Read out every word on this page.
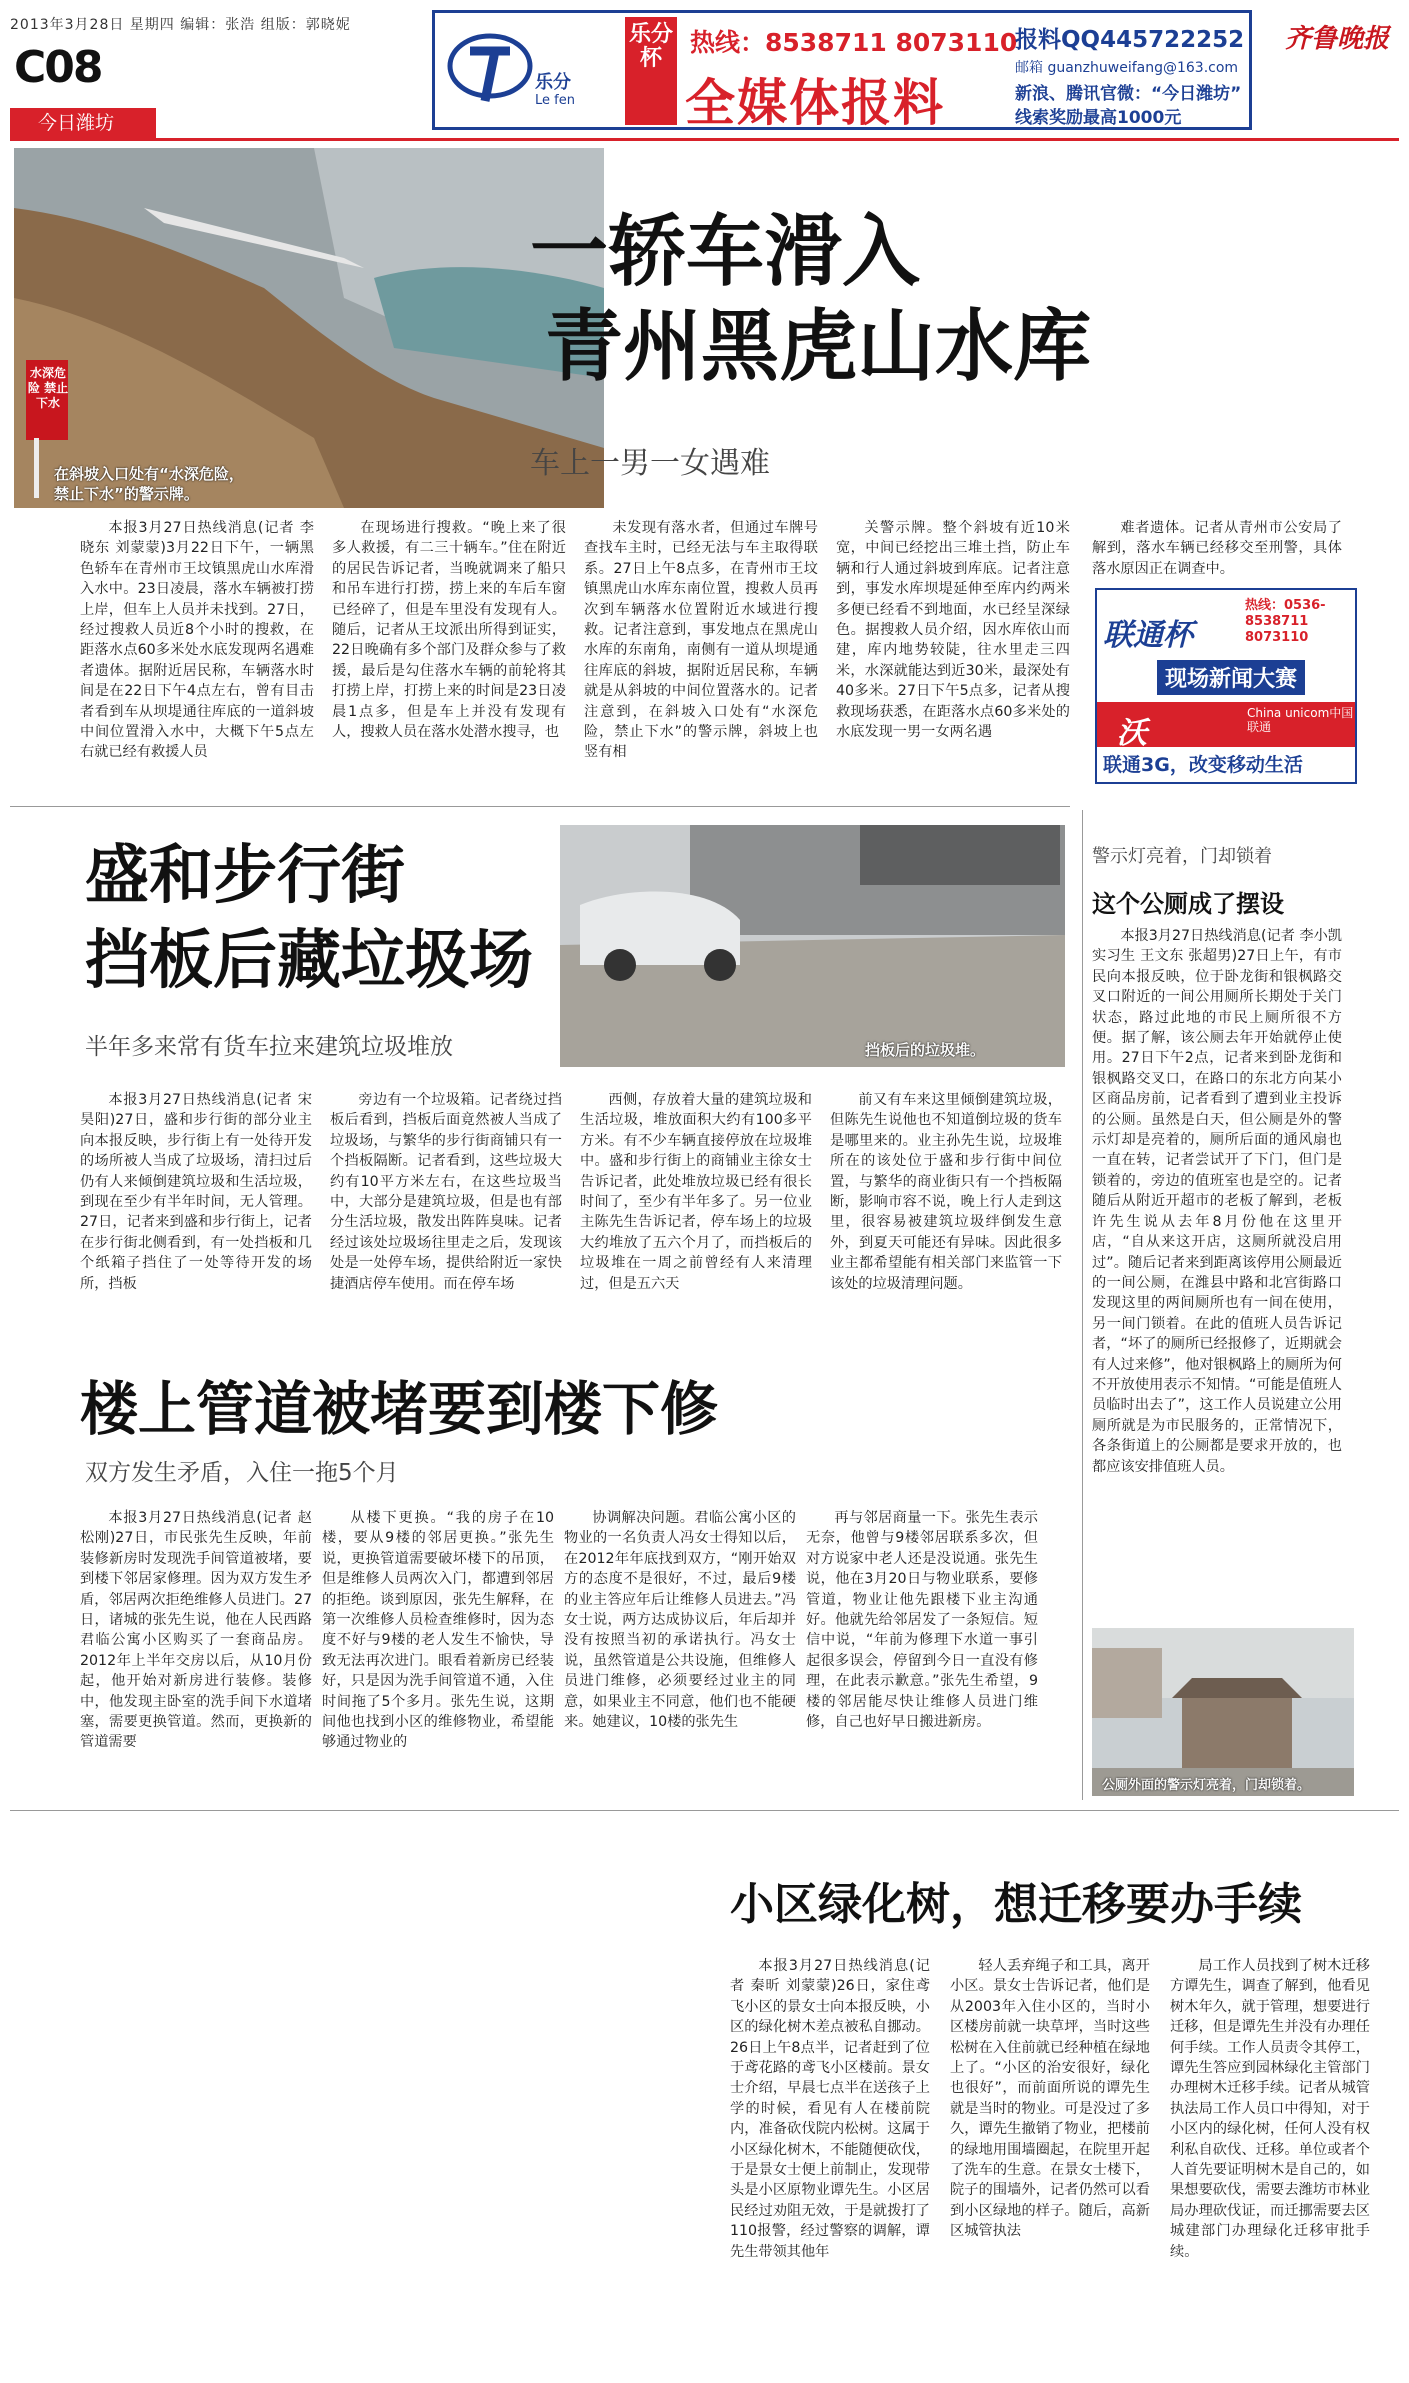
2013年3月28日 星期四 编辑：张浩 组版：郭晓妮
C08
今日潍坊
齐鲁晚报
乐分
Le fen
乐分杯
热线：8538711 8073110
全媒体报料
报料QQ445722252
邮箱 guanzhuweifang@163.com
新浪、腾讯官微：“今日潍坊”
线索奖励最高1000元
水深危险 禁止下水
在斜坡入口处有“水深危险，禁止下水”的警示牌。
一轿车滑入
青州黑虎山水库
车上一男一女遇难
本报3月27日热线消息(记者 李晓东 刘蒙蒙)3月22日下午，一辆黑色轿车在青州市王坟镇黑虎山水库滑入水中。23日凌晨，落水车辆被打捞上岸，但车上人员并未找到。27日，经过搜救人员近8个小时的搜救，在距落水点60多米处水底发现两名遇难者遗体。据附近居民称，车辆落水时间是在22日下午4点左右，曾有目击者看到车从坝堤通往库底的一道斜坡中间位置滑入水中，大概下午5点左右就已经有救援人员
在现场进行搜救。“晚上来了很多人救援，有二三十辆车。”住在附近的居民告诉记者，当晚就调来了船只和吊车进行打捞，捞上来的车后车窗已经碎了，但是车里没有发现有人。随后，记者从王坟派出所得到证实，22日晚确有多个部门及群众参与了救援，最后是勾住落水车辆的前轮将其打捞上岸，打捞上来的时间是23日凌晨1点多，但是车上并没有发现有人，搜救人员在落水处潜水搜寻，也
未发现有落水者，但通过车牌号查找车主时，已经无法与车主取得联系。27日上午8点多，在青州市王坟镇黑虎山水库东南位置，搜救人员再次到车辆落水位置附近水域进行搜救。记者注意到，事发地点在黑虎山水库的东南角，南侧有一道从坝堤通往库底的斜坡，据附近居民称，车辆就是从斜坡的中间位置落水的。记者注意到，在斜坡入口处有“水深危险，禁止下水”的警示牌，斜坡上也竖有相
关警示牌。整个斜坡有近10米宽，中间已经挖出三堆土挡，防止车辆和行人通过斜坡到库底。记者注意到，事发水库坝堤延伸至库内约两米多便已经看不到地面，水已经呈深绿色。据搜救人员介绍，因水库依山而建，库内地势较陡，往水里走三四米，水深就能达到近30米，最深处有40多米。27日下午5点多，记者从搜救现场获悉，在距落水点60多米处的水底发现一男一女两名遇
难者遗体。记者从青州市公安局了解到，落水车辆已经移交至刑警，具体落水原因正在调查中。
联通杯
热线：0536-
8538711
8073110
现场新闻大赛
沃
China unicom中国联通
联通3G，改变移动生活
盛和步行街
挡板后藏垃圾场
半年多来常有货车拉来建筑垃圾堆放	挡板后的垃圾堆。
本报3月27日热线消息(记者 宋昊阳)27日，盛和步行街的部分业主向本报反映，步行街上有一处待开发的场所被人当成了垃圾场，清扫过后仍有人来倾倒建筑垃圾和生活垃圾，到现在至少有半年时间，无人管理。27日，记者来到盛和步行街上，记者在步行街北侧看到，有一处挡板和几个纸箱子挡住了一处等待开发的场所，挡板
旁边有一个垃圾箱。记者绕过挡板后看到，挡板后面竟然被人当成了垃圾场，与繁华的步行街商铺只有一个挡板隔断。记者看到，这些垃圾大约有10平方米左右，在这些垃圾当中，大部分是建筑垃圾，但是也有部分生活垃圾，散发出阵阵臭味。记者经过该处垃圾场往里走之后，发现该处是一处停车场，提供给附近一家快捷酒店停车使用。而在停车场
西侧，存放着大量的建筑垃圾和生活垃圾，堆放面积大约有100多平方米。有不少车辆直接停放在垃圾堆中。盛和步行街上的商铺业主徐女士告诉记者，此处堆放垃圾已经有很长时间了，至少有半年多了。另一位业主陈先生告诉记者，停车场上的垃圾大约堆放了五六个月了，而挡板后的垃圾堆在一周之前曾经有人来清理过，但是五六天
前又有车来这里倾倒建筑垃圾，但陈先生说他也不知道倒垃圾的货车是哪里来的。业主孙先生说，垃圾堆所在的该处位于盛和步行街中间位置，与繁华的商业街只有一个挡板隔断，影响市容不说，晚上行人走到这里，很容易被建筑垃圾绊倒发生意外，到夏天可能还有异味。因此很多业主都希望能有相关部门来监管一下该处的垃圾清理问题。
警示灯亮着，门却锁着
这个公厕成了摆设
本报3月27日热线消息(记者 李小凯 实习生 王文东 张超男)27日上午，有市民向本报反映，位于卧龙街和银枫路交叉口附近的一间公用厕所长期处于关门状态，路过此地的市民上厕所很不方便。据了解，该公厕去年开始就停止使用。27日下午2点，记者来到卧龙街和银枫路交叉口，在路口的东北方向某小区商品房前，记者看到了遭到业主投诉的公厕。虽然是白天，但公厕是外的警示灯却是亮着的，厕所后面的通风扇也一直在转，记者尝试开了下门，但门是锁着的，旁边的值班室也是空的。记者随后从附近开超市的老板了解到，老板许先生说从去年8月份他在这里开店，“自从来这开店，这厕所就没启用过”。随后记者来到距离该停用公厕最近的一间公厕，在潍县中路和北宫街路口发现这里的两间厕所也有一间在使用，另一间门锁着。在此的值班人员告诉记者，“坏了的厕所已经报修了，近期就会有人过来修”，他对银枫路上的厕所为何不开放使用表示不知情。“可能是值班人员临时出去了”，这工作人员说建立公用厕所就是为市民服务的，正常情况下，各条街道上的公厕都是要求开放的，也都应该安排值班人员。
公厕外面的警示灯亮着，门却锁着。
楼上管道被堵要到楼下修
双方发生矛盾，入住一拖5个月
本报3月27日热线消息(记者 赵松刚)27日，市民张先生反映，年前装修新房时发现洗手间管道被堵，要到楼下邻居家修理。因为双方发生矛盾，邻居两次拒绝维修人员进门。27日，诸城的张先生说，他在人民西路君临公寓小区购买了一套商品房。2012年上半年交房以后，从10月份起，他开始对新房进行装修。装修中，他发现主卧室的洗手间下水道堵塞，需要更换管道。然而，更换新的管道需要
从楼下更换。“我的房子在10楼，要从9楼的邻居更换。”张先生说，更换管道需要破坏楼下的吊顶，但是维修人员两次入门，都遭到邻居的拒绝。谈到原因，张先生解释，在第一次维修人员检查维修时，因为态度不好与9楼的老人发生不愉快，导致无法再次进门。眼看着新房已经装好，只是因为洗手间管道不通，入住时间拖了5个多月。张先生说，这期间他也找到小区的维修物业，希望能够通过物业的
协调解决问题。君临公寓小区的物业的一名负责人冯女士得知以后，在2012年年底找到双方，“刚开始双方的态度不是很好，不过，最后9楼的业主答应年后让维修人员进去。”冯女士说，两方达成协议后，年后却并没有按照当初的承诺执行。冯女士说，虽然管道是公共设施，但维修人员进门维修，必须要经过业主的同意，如果业主不同意，他们也不能硬来。她建议，10楼的张先生
再与邻居商量一下。张先生表示无奈，他曾与9楼邻居联系多次，但对方说家中老人还是没说通。张先生说，他在3月20日与物业联系，要修管道，物业让他先跟楼下业主沟通好。他就先给邻居发了一条短信。短信中说，“年前为修理下水道一事引起很多误会，停留到今日一直没有修理，在此表示歉意。”张先生希望，9楼的邻居能尽快让维修人员进门维修，自己也好早日搬进新房。
小区绿化树，想迁移要办手续
本报3月27日热线消息(记者 秦昕 刘蒙蒙)26日，家住鸢飞小区的景女士向本报反映，小区的绿化树木差点被私自挪动。26日上午8点半，记者赶到了位于鸢花路的鸢飞小区楼前。景女士介绍，早晨七点半在送孩子上学的时候，看见有人在楼前院内，准备砍伐院内松树。这属于小区绿化树木，不能随便砍伐，于是景女士便上前制止，发现带头是小区原物业谭先生。小区居民经过劝阻无效，于是就拨打了110报警，经过警察的调解，谭先生带领其他年
轻人丢弃绳子和工具，离开小区。景女士告诉记者，他们是从2003年入住小区的，当时小区楼房前就一块草坪，当时这些松树在入住前就已经种植在绿地上了。“小区的治安很好，绿化也很好”，而前面所说的谭先生就是当时的物业。可是没过了多久，谭先生撤销了物业，把楼前的绿地用围墙圈起，在院里开起了洗车的生意。在景女士楼下，院子的围墙外，记者仍然可以看到小区绿地的样子。随后，高新区城管执法
局工作人员找到了树木迁移方谭先生，调查了解到，他看见树木年久，就于管理，想要进行迁移，但是谭先生并没有办理任何手续。工作人员责令其停工，谭先生答应到园林绿化主管部门办理树木迁移手续。记者从城管执法局工作人员口中得知，对于小区内的绿化树，任何人没有权利私自砍伐、迁移。单位或者个人首先要证明树木是自己的，如果想要砍伐，需要去潍坊市林业局办理砍伐证，而迁挪需要去区城建部门办理绿化迁移审批手续。
